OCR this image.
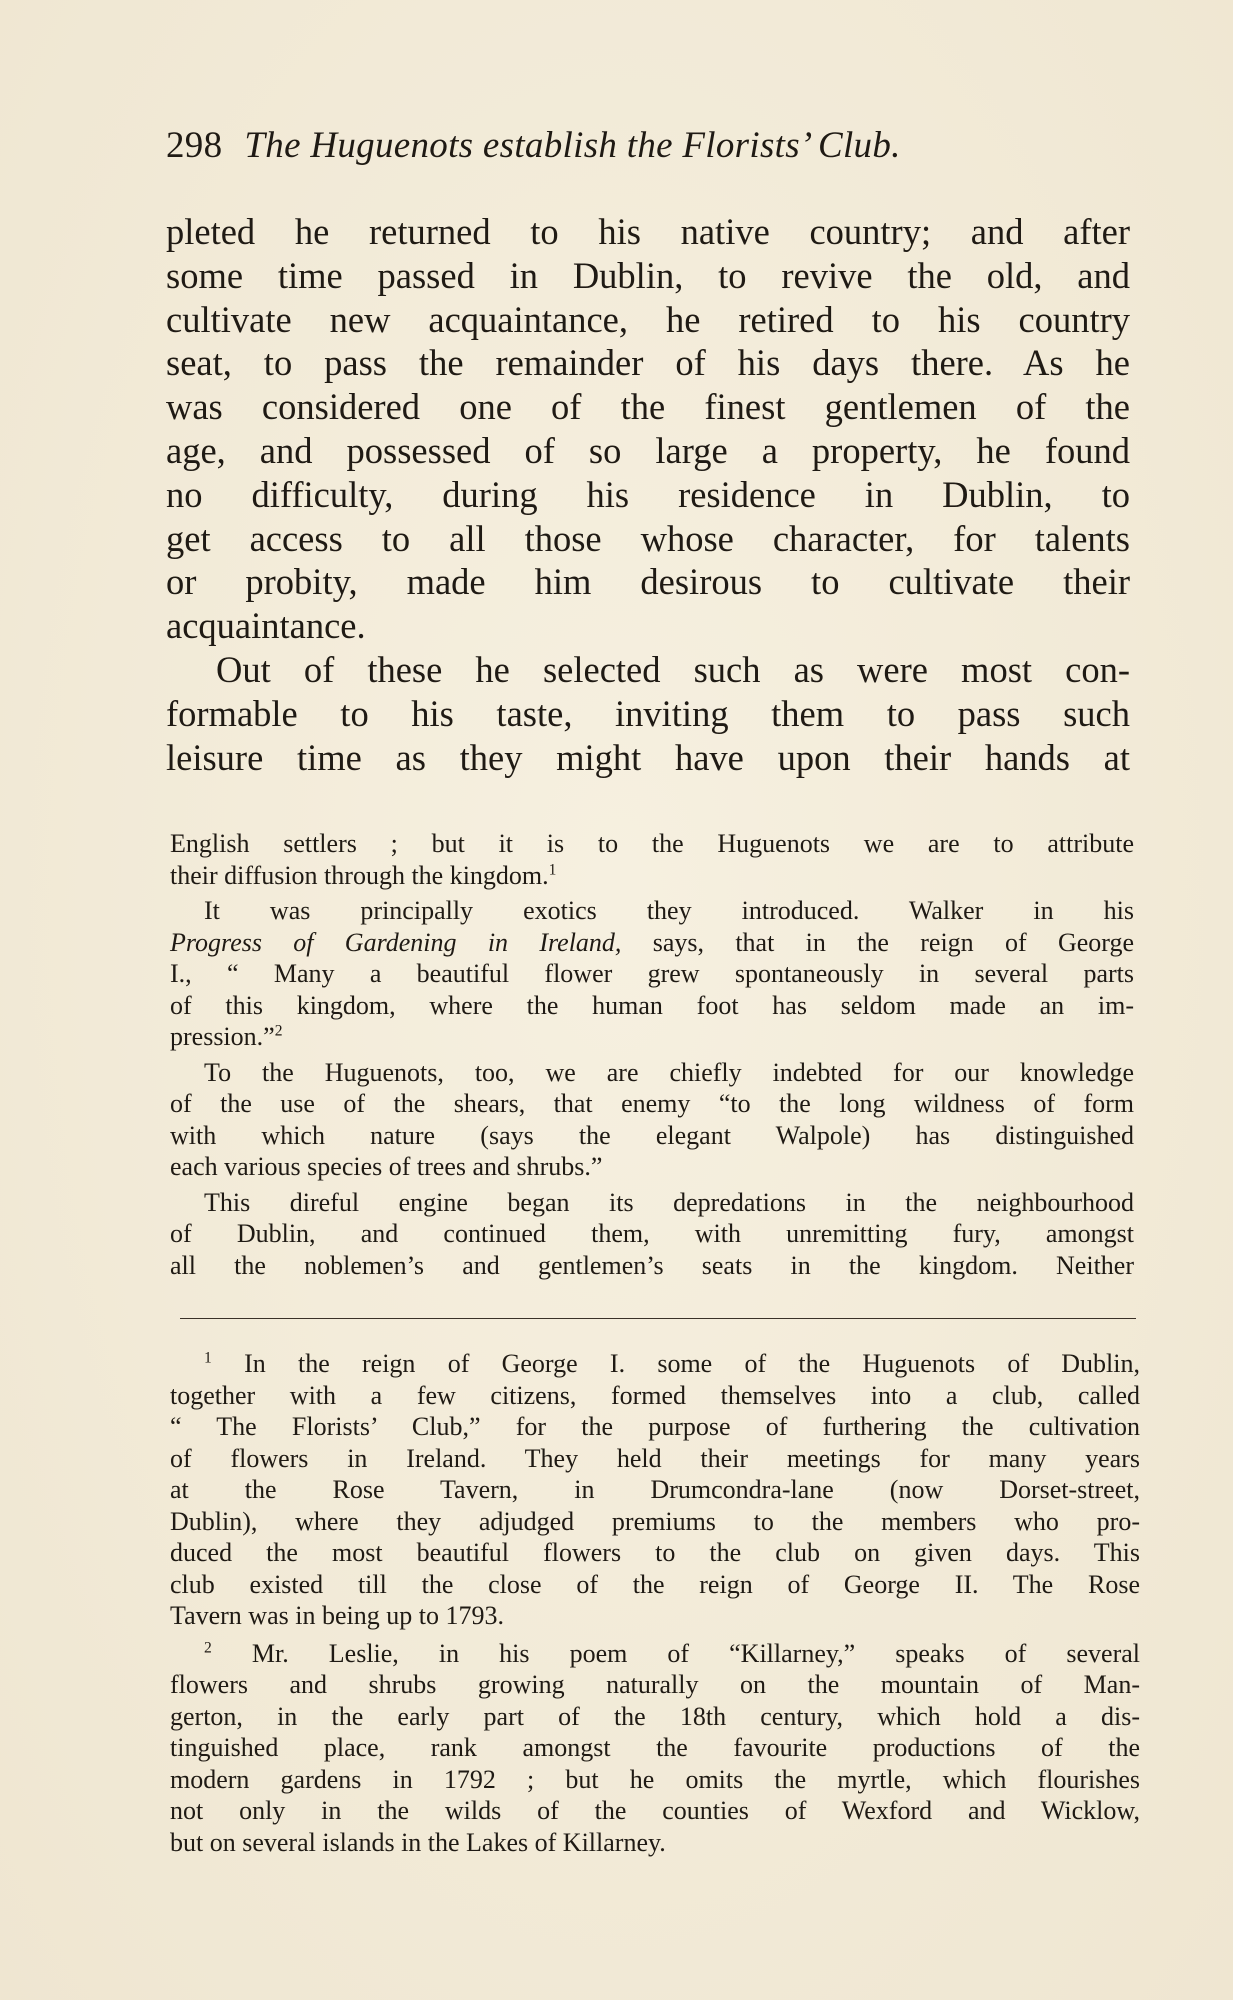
298 The Huguenots establish the Florists’ Club.

pleted he returned to his native country; and after
some time passed in Dublin, to revive the old, and
cultivate new acquaintance, he retired to his country
seat, to pass the remainder of his days there. As he
was considered one of the finest gentlemen of the
age, and possessed of so large a property, he found
no difficulty, during his residence in Dublin, to
get access to all those whose character, for talents
or probity, made him desirous to cultivate their
acquaintance.

Out of these he selected such as were most con-
formable to his taste, inviting them to pass such
leisure time as they might have upon their hands at

English settlers ; but it is to the Huguenots we are to attribute
their diffusion through the kingdom.$^1$
It was principally exotics they introduced. Walker in his
Progress of Gardening in Ireland, says, that in the reign of George
I., “ Many a beautiful flower grew spontaneously in several parts
of this kingdom, where the human foot has seldom made an im-
pression.”$^2$
To the Huguenots, too, we are chiefly indebted for our knowledge
of the use of the shears, that enemy “to the long wildness of form
with which nature (says the elegant Walpole) has distinguished
each various species of trees and shrubs.”
This direful engine began its depredations in the neighbourhood
of Dublin, and continued them, with unremitting fury, amongst
all the noblemen’s and gentlemen’s seats in the kingdom. Neither
$^1$ In the reign of George I. some of the Huguenots of Dublin,
together with a few citizens, formed themselves into a club, called
“ The Florists’ Club,” for the purpose of furthering the cultivation
of flowers in Ireland. They held their meetings for many years
at the Rose Tavern, in Drumcondra-lane (now Dorset-street,
Dublin), where they adjudged premiums to the members who pro-
duced the most beautiful flowers to the club on given days. This
club existed till the close of the reign of George II. The Rose
Tavern was in being up to 1793.
$^2$ Mr. Leslie, in his poem of “Killarney,” speaks of several
flowers and shrubs growing naturally on the mountain of Man-
gerton, in the early part of the 18th century, which hold a dis-
tinguished place, rank amongst the favourite productions of the
modern gardens in 1792 ; but he omits the myrtle, which flourishes
not only in the wilds of the counties of Wexford and Wicklow,
but on several islands in the Lakes of Killarney.
